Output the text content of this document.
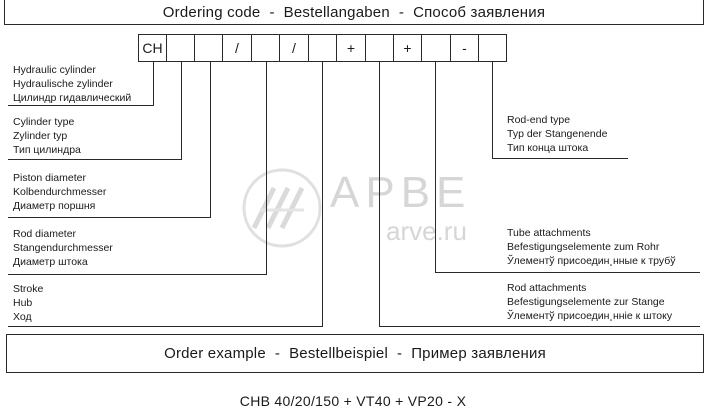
АРВЕ
arve.ru
Ordering code - Bestellangaben - Способ заявления
CH	/	/	+	+	-
Hydraulic cylinder
Hydraulische zylinder
Цилиндр гидавлический
Cylinder type
Zylinder typ
Тип цилиндра
Piston diameter
Kolbendurchmesser
Диаметр поршня
Rod diameter
Stangendurchmesser
Диаметр штока
Stroke
Hub
Ход
Rod-end type
Typ der Stangenende
Тип конца штока
Tube attachments
Befestigungselemente zum Rohr
Ўлементў присоедин¸нные к трубў
Rod attachments
Befestigungselemente zur Stange
Ўлементў присоедин¸нніе к штоку
Order example - Bestellbeispiel - Пример заявления
CHB 40/20/150 + VT40 + VP20 - X
